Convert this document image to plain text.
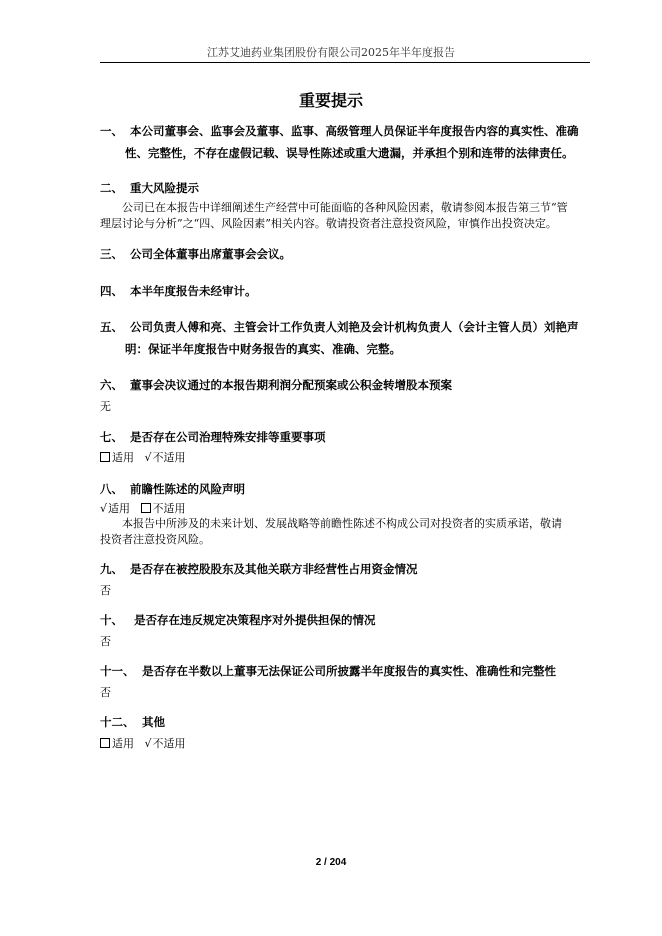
江苏艾迪药业集团股份有限公司2025年半年度报告
重要提示
一、 本公司董事会、监事会及董事、监事、高级管理人员保证半年度报告内容的真实性、准确
性、完整性，不存在虚假记载、误导性陈述或重大遗漏，并承担个别和连带的法律责任。
二、 重大风险提示
公司已在本报告中详细阐述生产经营中可能面临的各种风险因素，敬请参阅本报告第三节“管
理层讨论与分析”之“四、风险因素”相关内容。敬请投资者注意投资风险，审慎作出投资决定。
三、 公司全体董事出席董事会会议。
四、 本半年度报告未经审计。
五、 公司负责人傅和亮、主管会计工作负责人刘艳及会计机构负责人（会计主管人员）刘艳声
明：保证半年度报告中财务报告的真实、准确、完整。
六、 董事会决议通过的本报告期利润分配预案或公积金转增股本预案
无
七、 是否存在公司治理特殊安排等重要事项
适用 √不适用
八、 前瞻性陈述的风险声明
√适用 不适用
本报告中所涉及的未来计划、发展战略等前瞻性陈述不构成公司对投资者的实质承诺，敬请
投资者注意投资风险。
九、 是否存在被控股股东及其他关联方非经营性占用资金情况
否
十、 是否存在违反规定决策程序对外提供担保的情况
否
十一、 是否存在半数以上董事无法保证公司所披露半年度报告的真实性、准确性和完整性
否
十二、 其他
适用 √不适用
2 / 204
